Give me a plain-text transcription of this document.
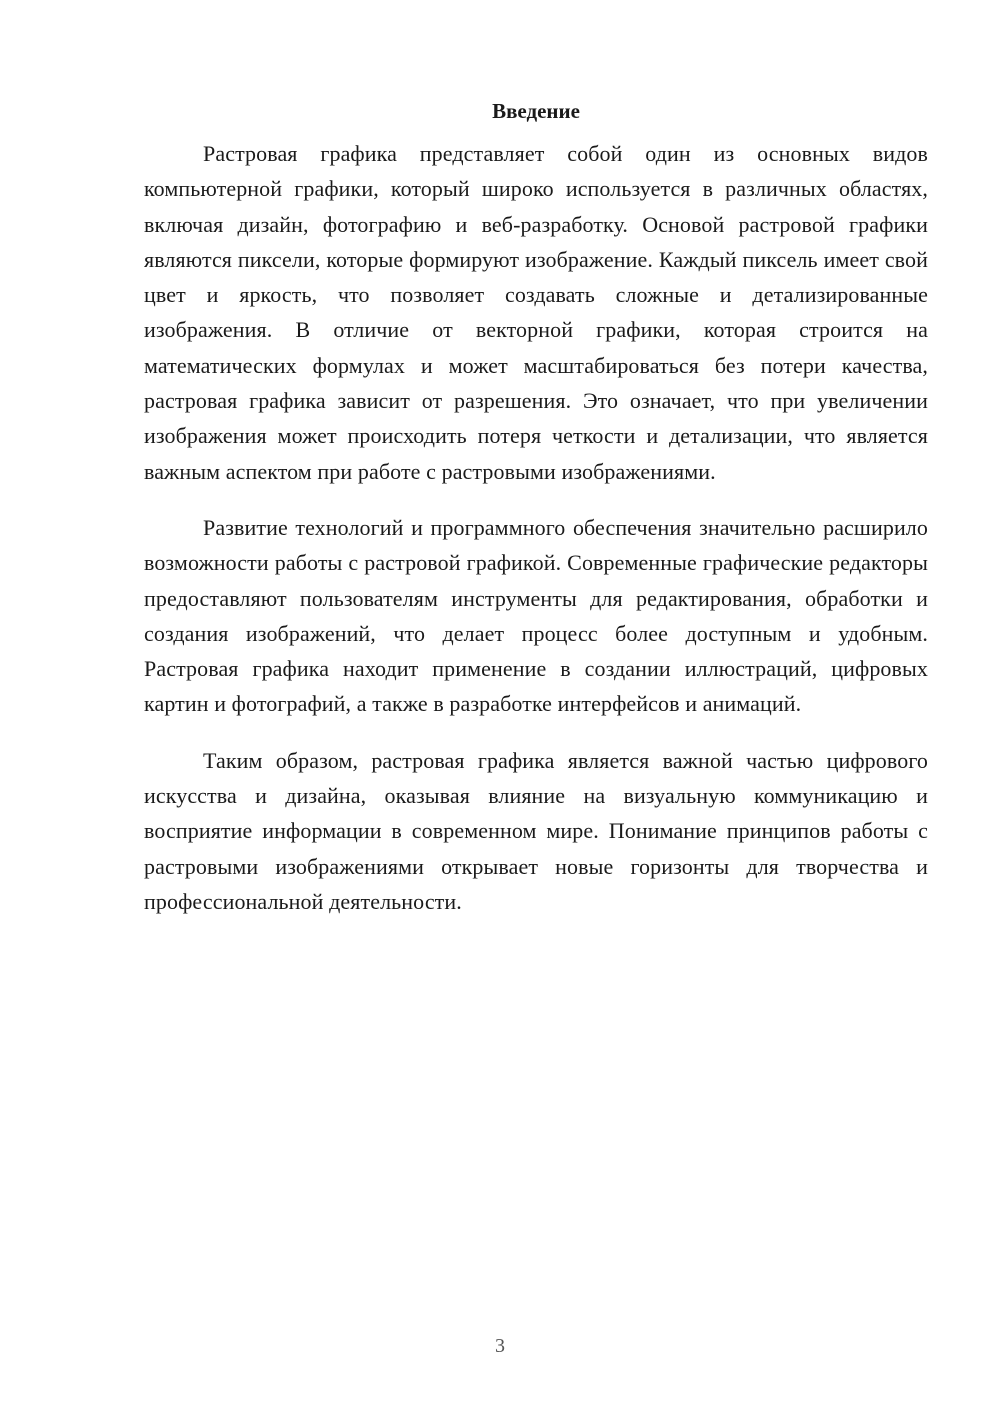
Введение

Растровая графика представляет собой один из основных видов компьютерной графики, который широко используется в различных областях, включая дизайн, фотографию и веб-разработку. Основой растровой графики являются пиксели, которые формируют изображение. Каждый пиксель имеет свой цвет и яркость, что позволяет создавать сложные и детализированные изображения. В отличие от векторной графики, которая строится на математических формулах и может масштабироваться без потери качества, растровая графика зависит от разрешения. Это означает, что при увеличении изображения может происходить потеря четкости и детализации, что является важным аспектом при работе с растровыми изображениями.

Развитие технологий и программного обеспечения значительно расширило возможности работы с растровой графикой. Современные графические редакторы предоставляют пользователям инструменты для редактирования, обработки и создания изображений, что делает процесс более доступным и удобным. Растровая графика находит применение в создании иллюстраций, цифровых картин и фотографий, а также в разработке интерфейсов и анимаций.

Таким образом, растровая графика является важной частью цифрового искусства и дизайна, оказывая влияние на визуальную коммуникацию и восприятие информации в современном мире. Понимание принципов работы с растровыми изображениями открывает новые горизонты для творчества и профессиональной деятельности.

3
